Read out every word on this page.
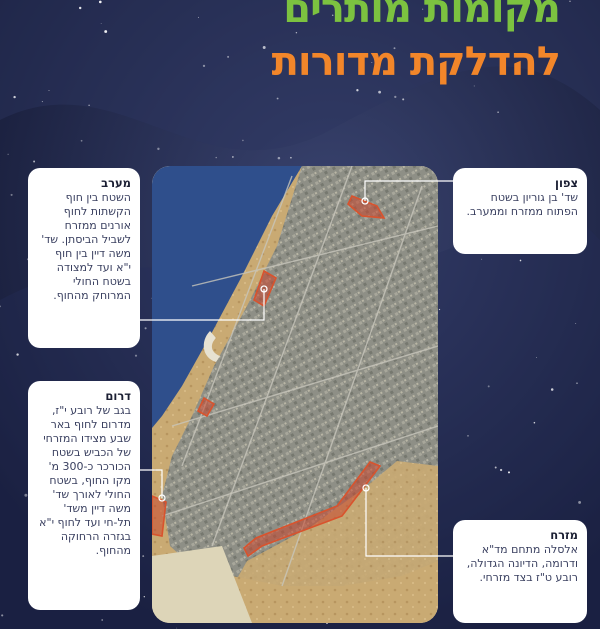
מקומות מותרים
להדלקת מדורות
צפון
שד' בן גוריון בשטח הפתוח ממזרח וממערב.
מערב
השטח בין חוף הקשתות לחוף אורנים ממזרח לשביל הביסתן. שד' משה דיין בין חוף י"א ועד למצודה בשטח החולי המרוחק מהחוף.
דרום
בגב של רובע י"ז, מדרום לחוף באר שבע מצידו המזרחי של הכביש בשטח הכורכר כ-300 מ' מקו החוף, בשטח החולי לאורך שד' משה דיין משד' תל-חי ועד לחוף י"א בגזרה הרחוקה מהחוף.
מזרח
אלסלה מתחם מד"א ודרומה, הדיונה הגדולה, רובע ט"ז בצד מזרחי.
